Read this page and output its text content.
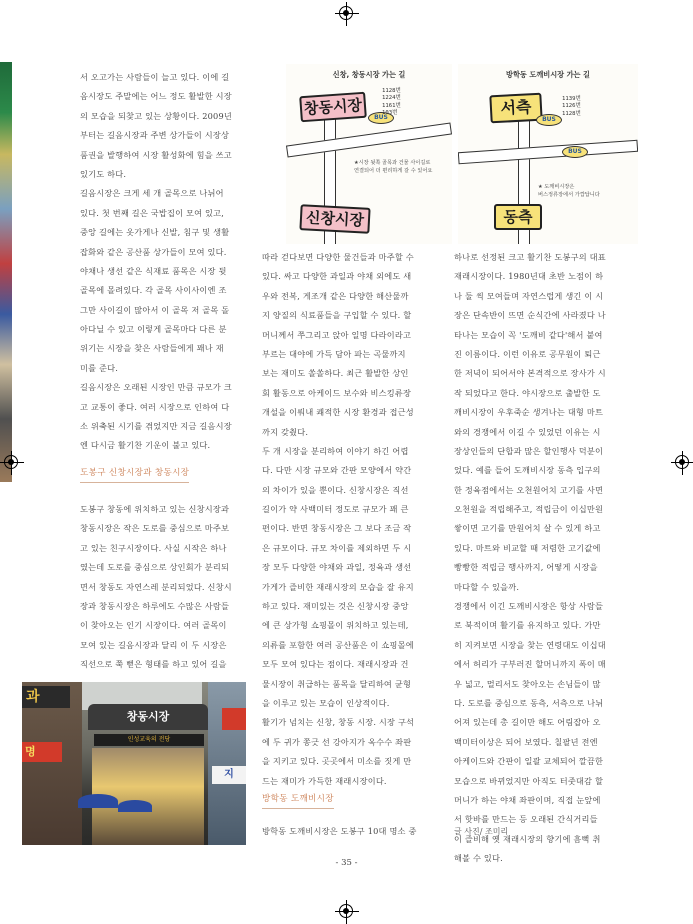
서 오고가는 사람들이 늘고 있다. 이에 길
음시장도 주말에는 어느 정도 활발한 시장
의 모습을 되찾고 있는 상황이다. 2009년
부터는 길음시장과 주변 상가들이 시장상
품권을 발행하여 시장 활성화에 힘을 쓰고
있기도 하다.
길음시장은 크게 세 개 골목으로 나뉘어
있다. 첫 번째 길은 국밥집이 모여 있고,
중앙 길에는 옷가게나 신발, 침구 및 생활
잡화와 같은 공산품 상가들이 모여 있다.
야채나 생선 같은 식재료 품목은 시장 뒷
골목에 몰려있다. 각 골목 사이사이엔 조
그만 사이길이 많아서 이 골목 저 골목 돌
아다닐 수 있고 이렇게 골목마다 다른 분
위기는 시장을 찾은 사람들에게 꽤나 재
미를 준다.
길음시장은 오래된 시장인 만큼 규모가 크
고 교통이 좋다. 여러 시장으로 인하여 다
소 위축된 시기를 겪었지만 지금 길음시장
엔 다시금 활기찬 기운이 불고 있다.
도봉구 신창시장과 창동시장
도봉구 창동에 위치하고 있는 신창시장과
창동시장은 작은 도로를 중심으로 마주보
고 있는 친구시장이다. 사실 시작은 하나
였는데 도로를 중심으로 상인회가 분리되
면서 창동도 자연스레 분리되었다. 신창시
장과 창동시장은 하루에도 수많은 사람들
이 찾아오는 인기 시장이다. 여러 골목이
모여 있는 길음시장과 달리 이 두 시장은
직선으로 쭉 뻗은 형태를 하고 있어 길을
과
명
창동시장
인성교육의 전당
지
신창, 창동시장 가는 길
창동시장
신창시장
BUS
1128번
1224번
1161번
103번
★시장 뒷쪽 골목과 건물 사이길로
연결되어 더 편리하게 갈 수 있어요
방학동 도깨비시장 가는 길
서측
동측
BUS
BUS
1139번
1126번
1128번
★ 도깨비시장은
버스정류장에서 가깝답니다
따라 걷다보면 다양한 물건들과 마주할 수
있다. 싸고 다양한 과일과 야채 외에도 새
우와 전복, 게조개 같은 다양한 해산물까
지 양질의 식료품들을 구입할 수 있다. 할
머니께서 쭈그리고 앉아 일명 다라이라고
부르는 대야에 가득 담아 파는 곡물까지
보는 재미도 쏠쏠하다. 최근 활발한 상인
회 활동으로 아케이드 보수와 비스킹류장
개설을 이뤄내 쾌적한 시장 환경과 접근성
까지 갖췄다.
두 개 시장을 분리하여 이야기 하긴 어렵
다. 다만 시장 규모와 간판 모양에서 약간
의 차이가 있을 뿐이다. 신창시장은 직선
길이가 약 사백미터 정도로 규모가 꽤 큰
편이다. 반면 창동시장은 그 보다 조금 작
은 규모이다. 규모 차이를 제외하면 두 시
장 모두 다양한 야채와 과일, 정육과 생선
가게가 즐비한 재래시장의 모습을 잘 유지
하고 있다. 재미있는 것은 신창시장 중앙
에 큰 상가형 쇼핑몰이 위치하고 있는데,
의류를 포함한 여러 공산품은 이 쇼핑몰에
모두 모여 있다는 점이다. 재래시장과 건
물시장이 취급하는 품목을 달리하여 균형
을 이루고 있는 모습이 인상적이다.
활기가 넘치는 신창, 창동 시장. 시장 구석
에 두 귀가 쫑긋 선 강아지가 옥수수 좌판
을 지키고 있다. 곳곳에서 미소를 짓게 만
드는 재미가 가득한 재래시장이다.
방학동 도깨비시장
방학동 도깨비시장은 도봉구 10대 명소 중
하나로 선정된 크고 활기찬 도봉구의 대표
재래시장이다. 1980년대 초반 노점이 하
나 둘 씩 모여들며 자연스럽게 생긴 이 시
장은 단속반이 뜨면 순식간에 사라졌다 나
타나는 모습이 꼭 '도깨비 같다'해서 붙여
진 이름이다. 이런 이유로 공무원이 퇴근
한 저녁이 되어서야 본격적으로 장사가 시
작 되었다고 한다. 야시장으로 출발한 도
깨비시장이 우후죽순 생겨나는 대형 마트
와의 경쟁에서 이길 수 있었던 이유는 시
장상인들의 단합과 많은 할인행사 덕분이
었다. 예를 들어 도깨비시장 동측 입구의
한 정육점에서는 오천원어치 고기를 사면
오천원을 적립해주고, 적립금이 이십만원
쌓이면 고기를 만원어치 살 수 있게 하고
있다. 마트와 비교할 때 저렴한 고기값에
빵빵한 적립금 행사까지, 어떻게 시장을
마다할 수 있을까.
경쟁에서 이긴 도깨비시장은 항상 사람들
로 북적이며 활기를 유지하고 있다. 가만
히 지켜보면 시장을 찾는 연령대도 이십대
에서 허리가 구부러진 할머니까지 폭이 매
우 넓고, 멀리서도 찾아오는 손님들이 많
다. 도로를 중심으로 동측, 서측으로 나뉘
어져 있는데 총 길이만 해도 어림잡아 오
백미터이상은 되어 보였다. 칠팔년 전엔
아케이드와 간판이 일괄 교체되어 깔끔한
모습으로 바뀌었지만 아직도 터줏대감 할
머니가 하는 야채 좌판이며, 직접 눈앞에
서 핫바를 만드는 등 오래된 간식거리들
이 즐비해 옛 재래시장의 향기에 흠뻑 취
해볼 수 있다.
글 사진/ 조미리
- 35 -
